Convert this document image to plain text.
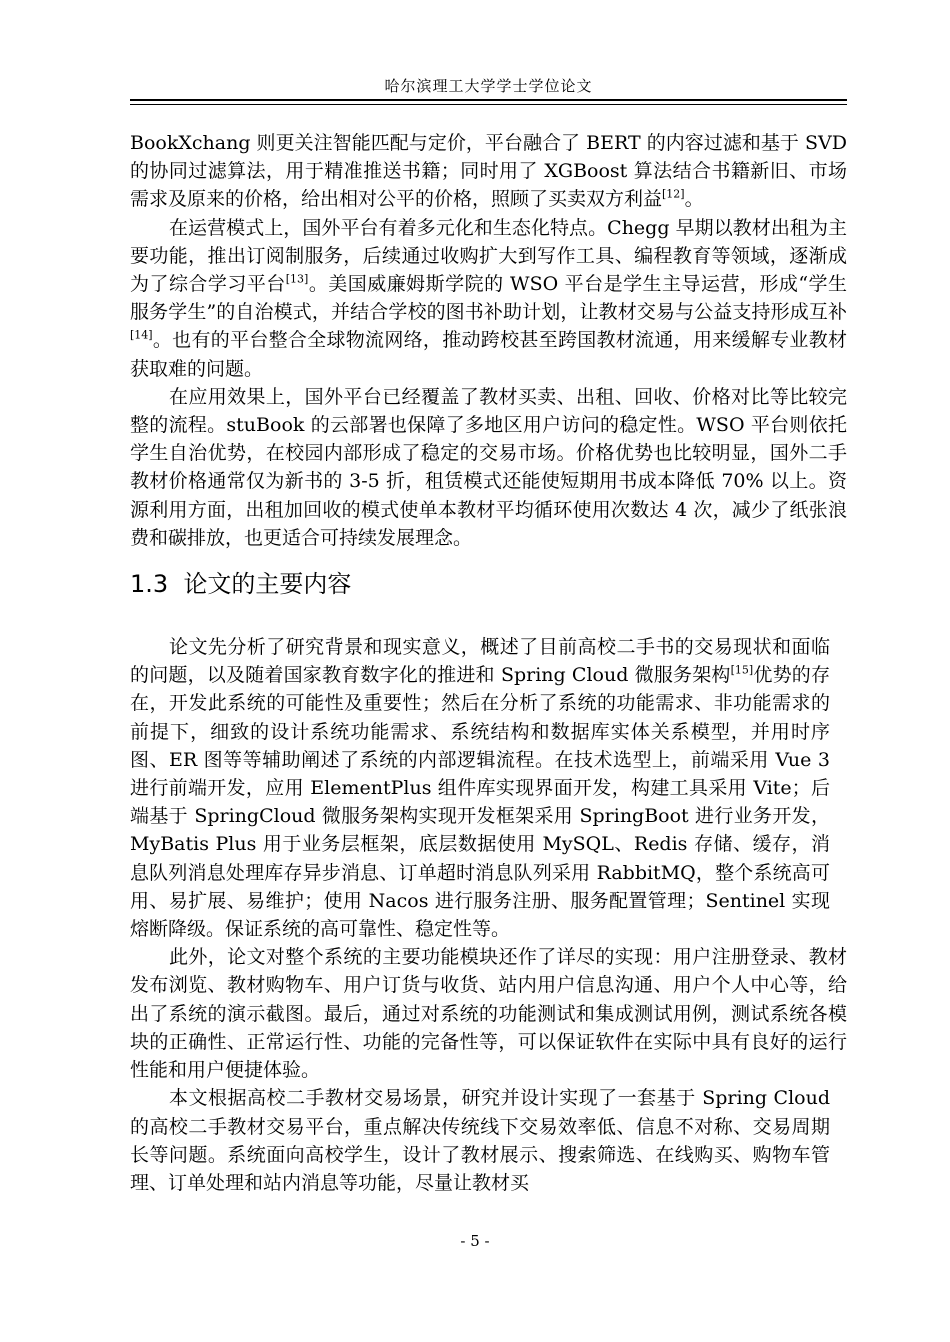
哈尔滨理工大学学士学位论文

BookXchang 则更关注智能匹配与定价，平台融合了 BERT 的内容过滤和基于 SVD 的协同过滤算法，用于精准推送书籍；同时用了 XGBoost 算法结合书籍新旧、市场需求及原来的价格，给出相对公平的价格，照顾了买卖双方利益[12]。

在运营模式上，国外平台有着多元化和生态化特点。Chegg 早期以教材出租为主要功能，推出订阅制服务，后续通过收购扩大到写作工具、编程教育等领域，逐渐成为了综合学习平台[13]。美国威廉姆斯学院的 WSO 平台是学生主导运营，形成“学生服务学生”的自治模式，并结合学校的图书补助计划，让教材交易与公益支持形成互补[14]。也有的平台整合全球物流网络，推动跨校甚至跨国教材流通，用来缓解专业教材获取难的问题。

在应用效果上，国外平台已经覆盖了教材买卖、出租、回收、价格对比等比较完整的流程。stuBook 的云部署也保障了多地区用户访问的稳定性。WSO 平台则依托学生自治优势，在校园内部形成了稳定的交易市场。价格优势也比较明显，国外二手教材价格通常仅为新书的 3-5 折，租赁模式还能使短期用书成本降低 70% 以上。资源利用方面，出租加回收的模式使单本教材平均循环使用次数达 4 次，减少了纸张浪费和碳排放，也更适合可持续发展理念。

1.3 论文的主要内容

论文先分析了研究背景和现实意义，概述了目前高校二手书的交易现状和面临的问题，以及随着国家教育数字化的推进和 Spring Cloud 微服务架构[15]优势的存在，开发此系统的可能性及重要性；然后在分析了系统的功能需求、非功能需求的前提下，细致的设计系统功能需求、系统结构和数据库实体关系模型，并用时序图、ER 图等等辅助阐述了系统的内部逻辑流程。在技术选型上，前端采用 Vue 3 进行前端开发，应用 ElementPlus 组件库实现界面开发，构建工具采用 Vite；后端基于 SpringCloud 微服务架构实现开发框架采用 SpringBoot 进行业务开发，MyBatis Plus 用于业务层框架，底层数据使用 MySQL、Redis 存储、缓存，消息队列消息处理库存异步消息、订单超时消息队列采用 RabbitMQ，整个系统高可用、易扩展、易维护；使用 Nacos 进行服务注册、服务配置管理；Sentinel 实现熔断降级。保证系统的高可靠性、稳定性等。

此外，论文对整个系统的主要功能模块还作了详尽的实现：用户注册登录、教材发布浏览、教材购物车、用户订货与收货、站内用户信息沟通、用户个人中心等，给出了系统的演示截图。最后，通过对系统的功能测试和集成测试用例，测试系统各模块的正确性、正常运行性、功能的完备性等，可以保证软件在实际中具有良好的运行性能和用户便捷体验。

本文根据高校二手教材交易场景，研究并设计实现了一套基于 Spring Cloud 的高校二手教材交易平台，重点解决传统线下交易效率低、信息不对称、交易周期长等问题。系统面向高校学生，设计了教材展示、搜索筛选、在线购买、购物车管理、订单处理和站内消息等功能，尽量让教材买

- 5 -
